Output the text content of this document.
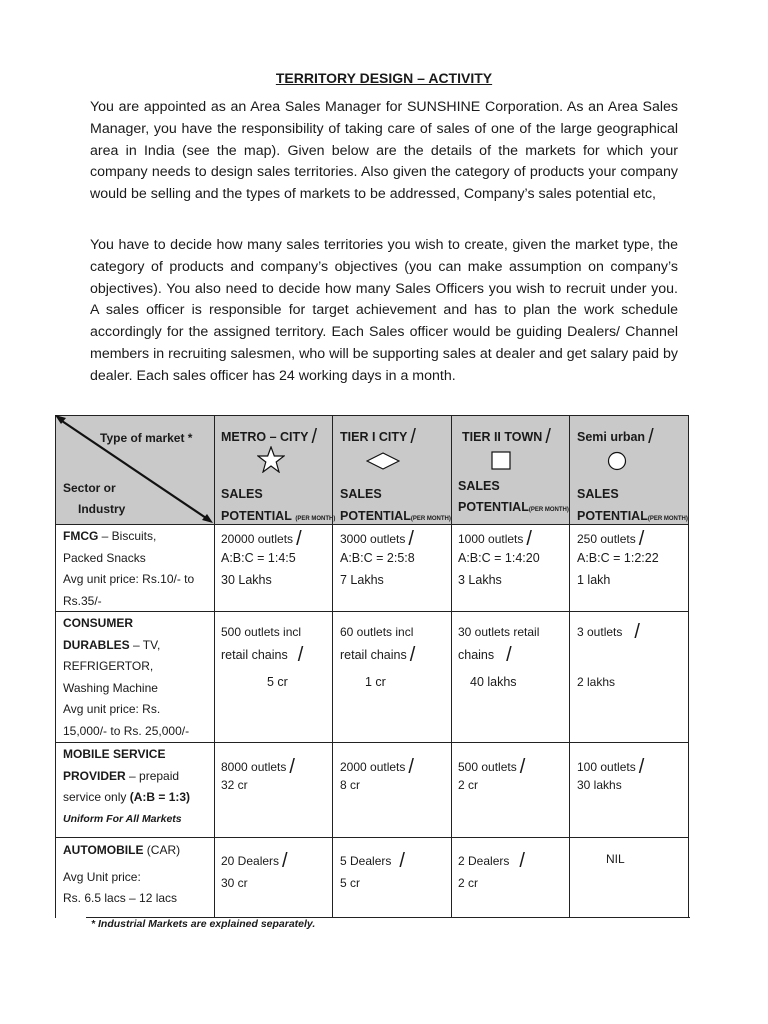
TERRITORY DESIGN – ACTIVITY

You are appointed as an Area Sales Manager for SUNSHINE Corporation. As an Area Sales Manager, you have the responsibility of taking care of sales of one of the large geographical area in India (see the map). Given below are the details of the markets for which your company needs to design sales territories. Also given the category of products your company would be selling and the types of markets to be addressed, Company’s sales potential etc,

You have to decide how many sales territories you wish to create, given the market type, the category of products and company’s objectives (you can make assumption on company’s objectives). You also need to decide how many Sales Officers you wish to recruit under you. A sales officer is responsible for target achievement and has to plan the work schedule accordingly for the assigned territory. Each Sales officer would be guiding Dealers/ Channel members in recruiting salesmen, who will be supporting sales at dealer and get salary paid by dealer. Each sales officer has 24 working days in a month.

Type of market *
Sector or
Industry
METRO – CITY /
SALES
POTENTIAL (PER MONTH)
TIER I CITY /
SALES
POTENTIAL(PER MONTH)
TIER II TOWN /
SALES
POTENTIAL(PER MONTH)
Semi urban /
SALES
POTENTIAL(PER MONTH)
FMCG – Biscuits,
Packed Snacks
Avg unit price: Rs.10/- to
Rs.35/-
20000 outlets /
A:B:C = 1:4:5
30 Lakhs
3000 outlets /
A:B:C = 2:5:8
7 Lakhs
1000 outlets /
A:B:C = 1:4:20
3 Lakhs
250 outlets /
A:B:C = 1:2:22
1 lakh
CONSUMER
DURABLES – TV,
REFRIGERTOR,
Washing Machine
Avg unit price: Rs.
15,000/- to Rs. 25,000/-
500 outlets incl
retail chains /
5 cr
60 outlets incl
retail chains /
1 cr
30 outlets retail
chains /
40 lakhs
3 outlets /
2 lakhs
MOBILE SERVICE
PROVIDER – prepaid
service only (A:B = 1:3)
Uniform For All Markets
8000 outlets /
32 cr
2000 outlets /
8 cr
500 outlets /
2 cr
100 outlets /
30 lakhs
AUTOMOBILE (CAR)
Avg Unit price:
Rs. 6.5 lacs – 12 lacs
20 Dealers /
30 cr
5 Dealers /
5 cr
2 Dealers /
2 cr
NIL
* Industrial Markets are explained separately.
